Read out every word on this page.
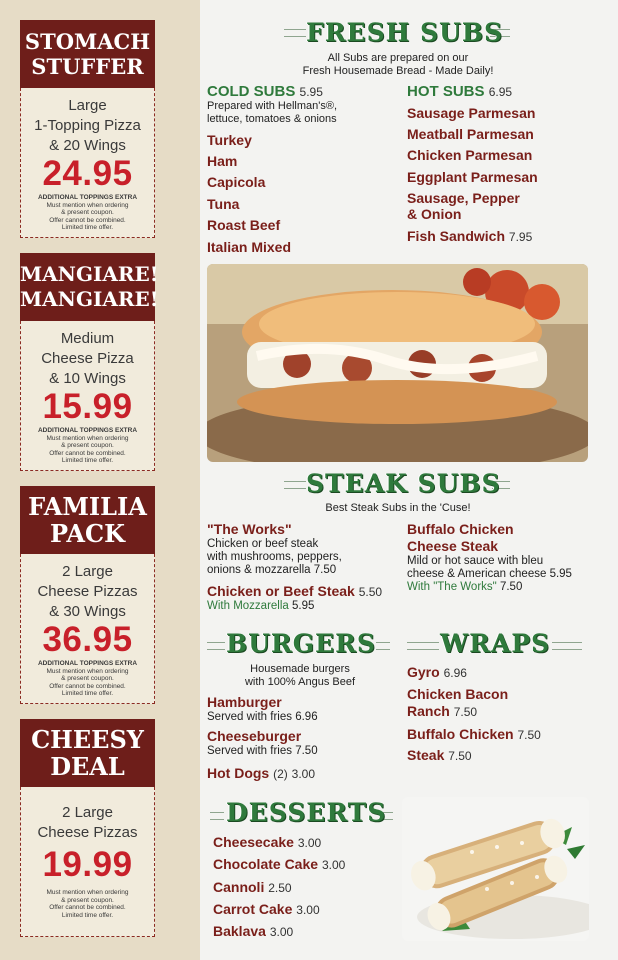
STOMACH
STUFFER
Large
1-Topping Pizza
& 20 Wings
24.95
ADDITIONAL TOPPINGS EXTRA
Must mention when ordering
& present coupon.
Offer cannot be combined.
Limited time offer.
MANGIARE!
MANGIARE!
Medium
Cheese Pizza
& 10 Wings
15.99
ADDITIONAL TOPPINGS EXTRA
Must mention when ordering
& present coupon.
Offer cannot be combined.
Limited time offer.
FAMILIA
PACK
2 Large
Cheese Pizzas
& 30 Wings
36.95
ADDITIONAL TOPPINGS EXTRA
Must mention when ordering
& present coupon.
Offer cannot be combined.
Limited time offer.
CHEESY
DEAL
2 Large
Cheese Pizzas
19.99
Must mention when ordering
& present coupon.
Offer cannot be combined.
Limited time offer.
FRESH SUBS
All Subs are prepared on our
Fresh Housemade Bread - Made Daily!
COLD SUBS 5.95
Prepared with Hellman's®,
lettuce, tomatoes & onions
Turkey
Ham
Capicola
Tuna
Roast Beef
Italian Mixed
HOT SUBS 6.95
Sausage Parmesan
Meatball Parmesan
Chicken Parmesan
Eggplant Parmesan
Sausage, Pepper
& Onion
Fish Sandwich 7.95
STEAK SUBS
Best Steak Subs in the 'Cuse!
"The Works"
Chicken or beef steak
with mushrooms, peppers,
onions & mozzarella 7.50
Chicken or Beef Steak 5.50
With Mozzarella 5.95
Buffalo Chicken
Cheese Steak
Mild or hot sauce with bleu
cheese & American cheese 5.95
With "The Works" 7.50
BURGERS
Housemade burgers
with 100% Angus Beef
Hamburger
Served with fries 6.96
Cheeseburger
Served with fries 7.50
Hot Dogs (2) 3.00
WRAPS
Gyro 6.96
Chicken Bacon
Ranch 7.50
Buffalo Chicken 7.50
Steak 7.50
DESSERTS
Cheesecake 3.00
Chocolate Cake 3.00
Cannoli 2.50
Carrot Cake 3.00
Baklava 3.00
